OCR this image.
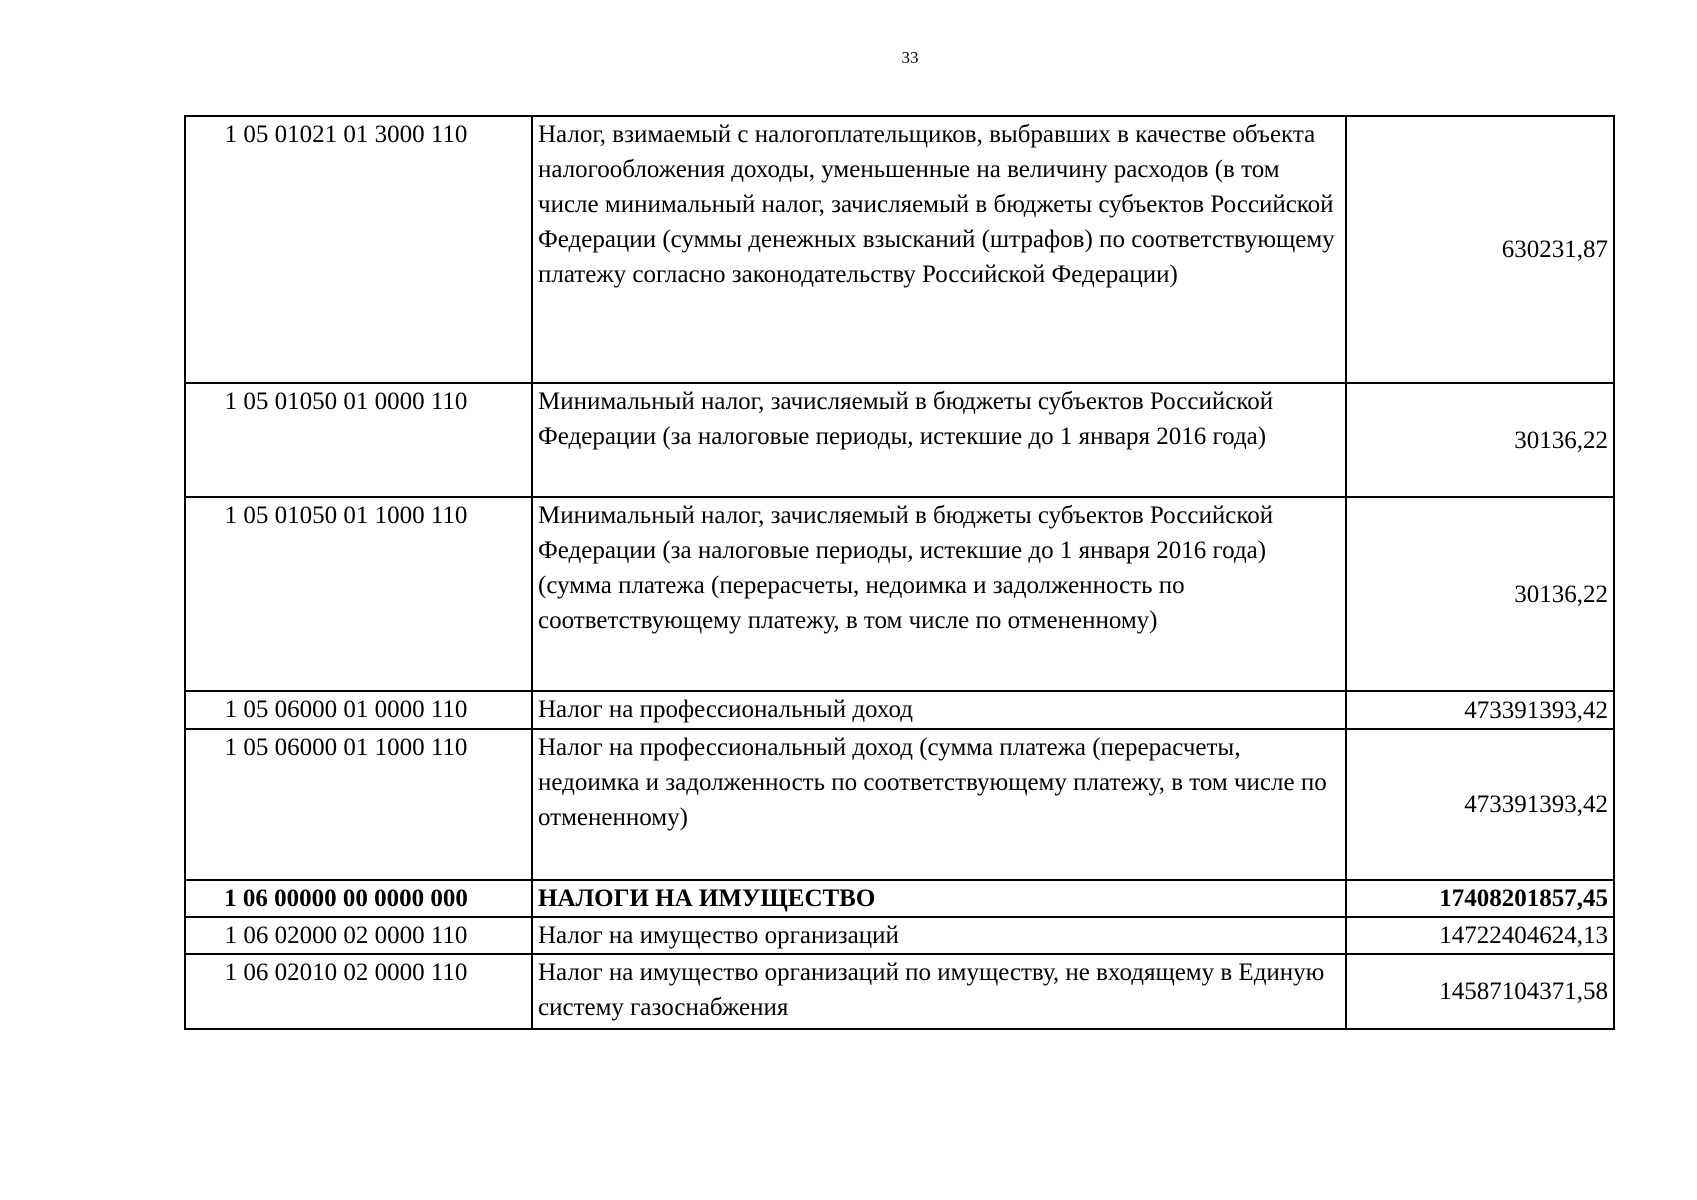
33
1 05 01021 01 3000 110	Налог, взимаемый с налогоплательщиков, выбравших в качестве объекта налогообложения доходы, уменьшенные на величину расходов (в том числе минимальный налог, зачисляемый в бюджеты субъектов Российской Федерации (суммы денежных взысканий (штрафов) по соответствующему платежу согласно законодательству Российской Федерации)	630231,87
1 05 01050 01 0000 110	Минимальный налог, зачисляемый в бюджеты субъектов Российской Федерации (за налоговые периоды, истекшие до 1 января 2016 года)	30136,22
1 05 01050 01 1000 110	Минимальный налог, зачисляемый в бюджеты субъектов Российской Федерации (за налоговые периоды, истекшие до 1 января 2016 года) (сумма платежа (перерасчеты, недоимка и задолженность по соответствующему платежу, в том числе по отмененному)	30136,22
1 05 06000 01 0000 110	Налог на профессиональный доход	473391393,42
1 05 06000 01 1000 110	Налог на профессиональный доход (сумма платежа (перерасчеты, недоимка и задолженность по соответствующему платежу, в том числе по отмененному)	473391393,42
1 06 00000 00 0000 000	НАЛОГИ НА ИМУЩЕСТВО	17408201857,45
1 06 02000 02 0000 110	Налог на имущество организаций	14722404624,13
1 06 02010 02 0000 110	Налог на имущество организаций по имуществу, не входящему в Единую систему газоснабжения	14587104371,58
